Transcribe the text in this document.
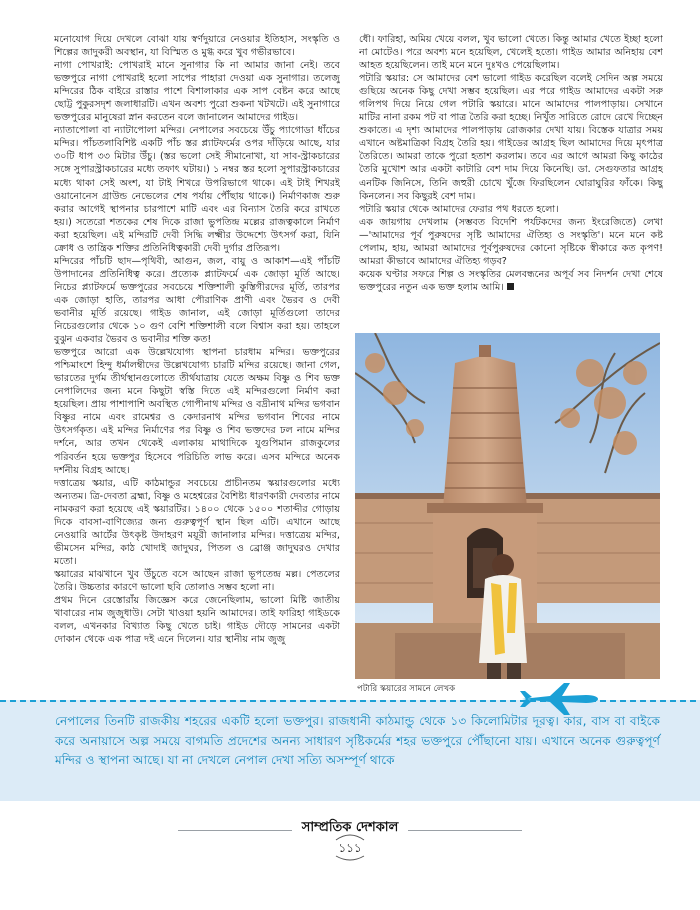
মনোযোগ দিয়ে দেখলে বোঝা যায় স্বর্ণদুয়ারে নেওয়ার ইতিহাস, সংস্কৃতি ও শিল্পের জাদুকরী অবস্থান, যা বিস্মিত ও মুগ্ধ করে খুব গভীরভাবে।

নাগা পোখরাই: পোখরাই মানে সুনাগার কি না আমার জানা নেই। তবে ভক্তপুরে নাগা পোখরাই হলো সাপের পাহারা দেওয়া এক সুনাগার। তলেজু মন্দিরের ঠিক বাইরে রাস্তার পাশে বিশালাকার এক সাপ বেষ্টন করে আছে ছোট্ট পুকুরসদৃশ জলাধারটি। এখন অবশ্য পুরো শুকনা খটখটে। এই সুনাগারে ভক্তপুরের মানুষেরা স্নান করতেন বলে জানালেন আমাদের গাইড।

ন্যাতাপোলা বা ন্যাটাপোলা মন্দির। নেপালের সবচেয়ে উঁচু প্যাগোডা ধাঁচের মন্দির। পাঁচতলাবিশিষ্ট একটি পাঁচ স্তর প্ল্যাটফর্মের ওপর দাঁড়িয়ে আছে, যার ৩০টি ধাপ ৩৩ মিটার উঁচু। (স্তর ভলো সেই সীমানোখা, যা সাব-স্ট্রাকচারের সঙ্গে সুপারস্ট্রাকচারের মধ্যে তফাৎ ঘটায়।) ১ নম্বর স্তর হলো সুপারস্ট্রাকচারের মধ্যে থাকা সেই অংশ, যা টাই শিখরে উপরিভাগে থাকে। এই টাই শিখরই ওয়ানোনেস গ্রাউন্ড নেভেলের শেষ পর্যায় পৌঁছায় থাকে।) নির্মাণকাজ শুরু করার আগেই স্থাপনার চারপাশে মাটি এবং এর বিন্যাস তৈরি করে রাখতে হয়।) সতেরো শতকের শেষ দিকে রাজা ভুপতিন্দ্র মল্লের রাজত্বকালে নির্মাণ করা হয়েছিল। এই মন্দিরটি দেবী সিদ্ধি লক্ষ্মীর উদ্দেশ্যে উৎসর্গ করা, যিনি ক্রোধ ও তান্ত্রিক শক্তির প্রতিনিধিত্বকারী দেবী দুর্গার প্রতিরূপ।

মন্দিরের পাঁচটি ছাদ—পৃথিবী, আগুন, জল, বায়ু ও আকাশ—এই পাঁচটি উপাদানের প্রতিনিধিত্ব করে। প্রত্যেক প্ল্যাটফর্মে এক জোড়া মূর্তি আছে। নিচের প্ল্যাটফর্মে ভক্তপুরের সবচেয়ে শক্তিশালী কুস্তিগীরদের মূর্তি, তারপর এক জোড়া হাতি, তারপর আধা পৌরাণিক প্রাণী এবং ভৈরব ও দেবী ভবানীর মূর্তি রয়েছে। গাইড জানাল, এই জোড়া মূর্তিগুলো তাদের নিচেরগুলোর থেকে ১০ গুণ বেশি শক্তিশালী বলে বিশ্বাস করা হয়। তাহলে বুঝুন একবার ভৈরব ও ভবানীর শক্তি কত!

ভক্তপুরে আরো এক উল্লেখযোগ্য স্থাপনা চারধাম মন্দির। ভক্তপুরের পশ্চিমাংশে হিন্দু ধর্মালম্বীদের উল্লেখযোগ্য চারটি মন্দির রয়েছে। জানা গেল, ভারতের দুর্গম তীর্থস্থানগুলোতে তীর্থযাত্রায় যেতে অক্ষম বিষ্ণু ও শিব ভক্ত নেপালিদের জন্য মনে কিছুটা স্বস্তি দিতে এই মন্দিরগুলো নির্মাণ করা হয়েছিল। প্রায় পাশাপাশি অবস্থিত গোপীনাথ মন্দির ও বদ্রীনাথ মন্দির ভগবান বিষ্ণুর নামে এবং রামেশ্বর ও কেদারনাথ মন্দির ভগবান শিবের নামে উৎসর্গকৃত। এই মন্দির নির্মাণের পর বিষ্ণু ও শিব ভক্তদের ঢল নামে মন্দির দর্শনে, আর তখন থেকেই এলাকায় মাথাদিকে যুগুপিমান রাজকুলের পরিবর্তন হয়ে ভক্তপুর হিসেবে পরিচিতি লাভ করে। এসব মন্দিরে অনেক দর্শনীয় বিগ্রহ আছে।

দত্তাত্রেয় স্কয়ার, এটি কাঠমান্ডুর সবচেয়ে প্রাচীনতম স্কয়ারগুলোর মধ্যে অন্যতম। ত্রি-দেবতা ব্রহ্মা, বিষ্ণু ও মহেশ্বরের বৈশিষ্ট্য ধারণকারী দেবতার নামে নামকরণ করা হয়েছে এই স্কয়ারটির। ১৪০০ থেকে ১৫০০ শতাব্দীর গোড়ায় দিকে বাবসা-বাণিজ্যের জন্য গুরুত্বপূর্ণ স্থান ছিল এটি। এখানে আছে নেওয়ারি আর্টের উৎকৃষ্ট উদাহরণ ময়ূরী জানালার মন্দির। দত্তাত্রেয় মন্দির, ভীমসেন মন্দির, কাঠ খোদাই জাদুঘর, পিতল ও ব্রোঞ্জ জাদুঘরও দেখার মতো।

স্কয়ারের মাঝখানে খুব উঁচুতে বসে আছেন রাজা ভূপতেন্দ্র মল্ল। পেতলের তৈরি। উচ্চতার কারণে ভালো ছবি তোলাও সম্ভব হলো না।

প্রথম দিনে রেস্তোরাঁয় জিজ্ঞেস করে জেনেছিলাম, ভালো মিষ্টি জাতীয় খাবারের নাম জুজুধাউ। সেটা খাওয়া হয়নি আমাদের। তাই ফারিহা গাইডকে বলল, এখনকার বিখ্যাত কিছু খেতে চাই। গাইড দৌড়ে সামনের একটা দোকান থেকে এক পাত্র দই এনে দিলেন। যার স্থানীয় নাম জুজু

ধৌ। ফারিহা, অমিয় খেয়ে বলল, খুব ভালো খেতে। কিন্তু আমার খেতে ইচ্ছা হলো না মোটেও। পরে অবশ্য মনে হয়েছিল, খেলেই হতো। গাইড আমার অনিহায় বেশ আহত হয়েছিলেন। তাই মনে মনে দুঃখও পেয়েছিলাম।

পটারি স্কয়ার: সে আমাদের বেশ ভালো গাইড করেছিল বলেই সেদিন অল্প সময়ে গুছিয়ে অনেক কিছু দেখা সম্ভব হয়েছিল। এর পরে গাইড আমাদের একটা সরু গলিপথ দিয়ে নিয়ে গেল পটারি স্কয়ারে। মানে আমাদের পালপাড়ায়। সেখানে মাটির নানা রকম পট বা পাত্র তৈরি করা হচ্ছে। নিখুঁত সারিতে রোদে রেখে দিচ্ছেন শুকাতে। এ দৃশ্য আমাদের পালপাড়ায় রোজকার দেখা যায়। বিস্তেক যাত্রার সময় এখানে অষ্টমাত্রিকা বিগ্রহ তৈরি হয়। গাইডের আগ্রহ ছিল আমাদের দিয়ে মৃৎপাত্র তৈরিতে। আমরা তাকে পুরো হতাশ করলাম। তবে এর আগে আমরা কিছু কাঠের তৈরি মুখোশ আর একটা কাটারি বেশ দাম দিয়ে কিনেছি। ডা. সেগুফতার আগ্রহ এনটিক জিনিসে, তিনি জহুরী চোখে খুঁজে ফিরছিলেন ঘোরাঘুরির ফাঁকে। কিছু কিনলেন। সব কিছুরই বেশ দাম।

পটারি স্কয়ার থেকে আমাদের ফেরার পথ ধরতে হলো।

এক জায়গায় দেখলাম (সম্ভবত বিদেশি পর্যটকদের জন্য ইংরেজিতে) লেখা—'আমাদের পূর্ব পুরুষদের সৃষ্টি আমাদের ঐতিহ্য ও সংস্কৃতি'। মনে মনে কষ্ট পেলাম, হায়, আমরা আমাদের পূর্বপুরুষদের কোনো সৃষ্টিকে স্বীকারে কত কৃপণ! আমরা কীভাবে আমাদের ঐতিহ্য গড়ব?

কয়েক ঘণ্টার সফরে শিল্প ও সংস্কৃতির মেলবন্ধনের অপূর্ব সব নিদর্শন দেখা শেষে ভক্তপুরের নতুন এক ভক্ত হলাম আমি।

পটারি স্কয়ারের সামনে লেখক
নেপালের তিনটি রাজকীয় শহরের একটি হলো ভক্তপুর। রাজধানী কাঠমান্ডু থেকে ১৩ কিলোমিটার দূরত্ব। কার, বাস বা বাইকে করে অনায়াসে অল্প সময়ে বাগমতি প্রদেশের অনন্য সাধারণ সৃষ্টিকর্মের শহর ভক্তপুরে পৌঁছানো যায়। এখানে অনেক গুরুত্বপূর্ণ মন্দির ও স্থাপনা আছে। যা না দেখলে নেপাল দেখা সত্যি অসম্পূর্ণ থাকে
সাম্প্রতিক দেশকাল
১১১
